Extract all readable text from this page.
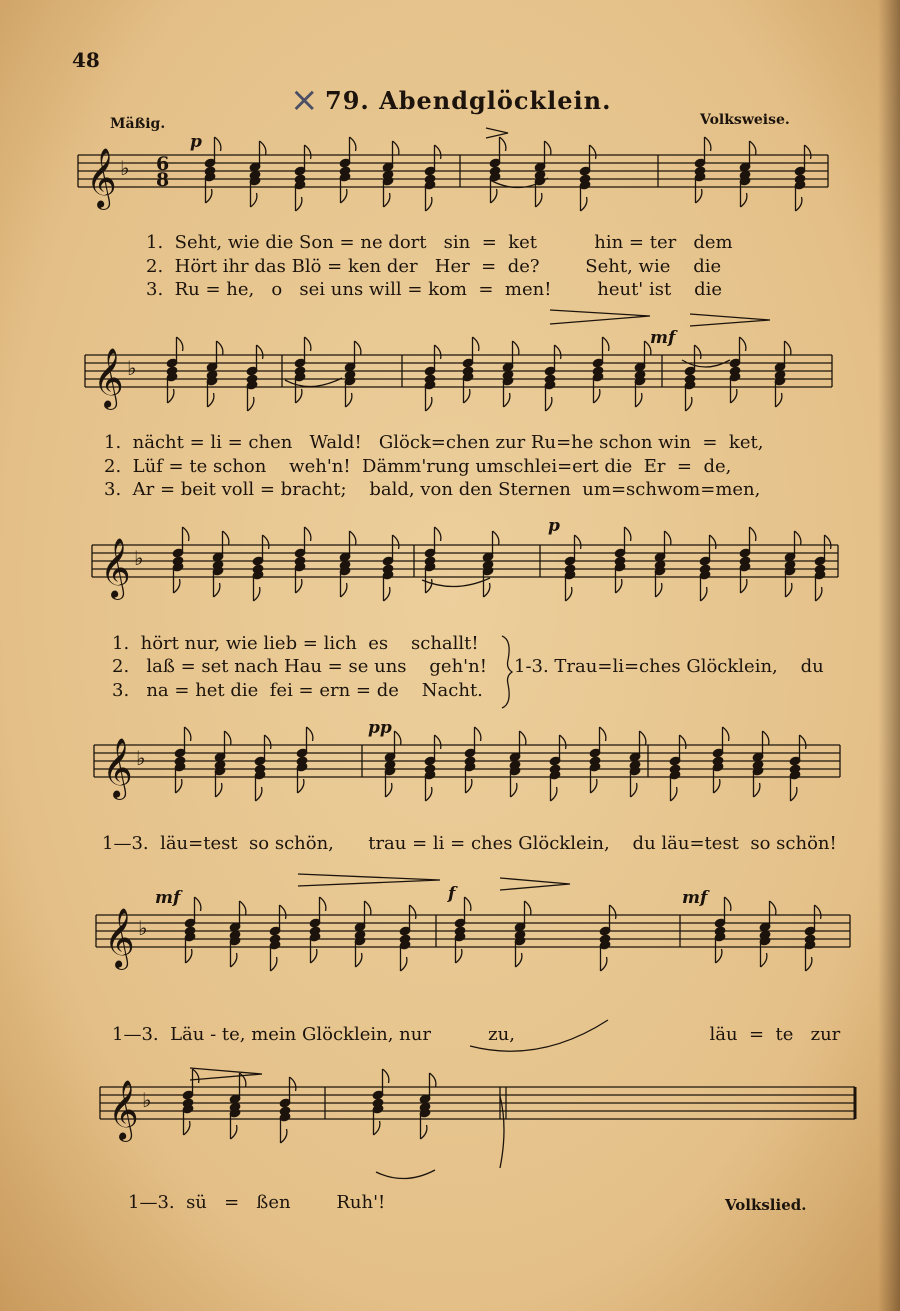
48
× 79. Abendglöcklein.
Mäßig.	Volksweise.
p
mf
p
pp
mf	f	mf
1.  Seht, wie die Son = ne dort   sin  =  ket          hin = ter   dem
2.  Hört ihr das Blö = ken der   Her  =  de?        Seht, wie    die
3.  Ru = he,   o   sei uns will = kom  =  men!        heut' ist    die
1.  nächt = li = chen   Wald!   Glöck=chen zur Ru=he schon win  =  ket,
2.  Lüf = te schon    weh'n!  Dämm'rung umschlei=ert die  Er  =  de,
3.  Ar = beit voll = bracht;    bald, von den Sternen  um=schwom=men,
1.  hört nur, wie lieb = lich  es    schallt!
2.   laß = set nach Hau = se uns    geh'n!
3.   na = het die  fei = ern = de    Nacht.
1-3. Trau=li=ches Glöcklein,    du
1—3.  läu=test  so schön,      trau = li = ches Glöcklein,    du läu=test  so schön!
1—3.  Läu - te, mein Glöcklein, nur          zu,                                  läu  =  te   zur
1—3.  sü   =   ßen        Ruh'!	Volkslied.
𝄞 ♭ 6
8
𝄞 ♭
𝄞 ♭
𝄞 ♭
𝄞 ♭
𝄞 ♭
